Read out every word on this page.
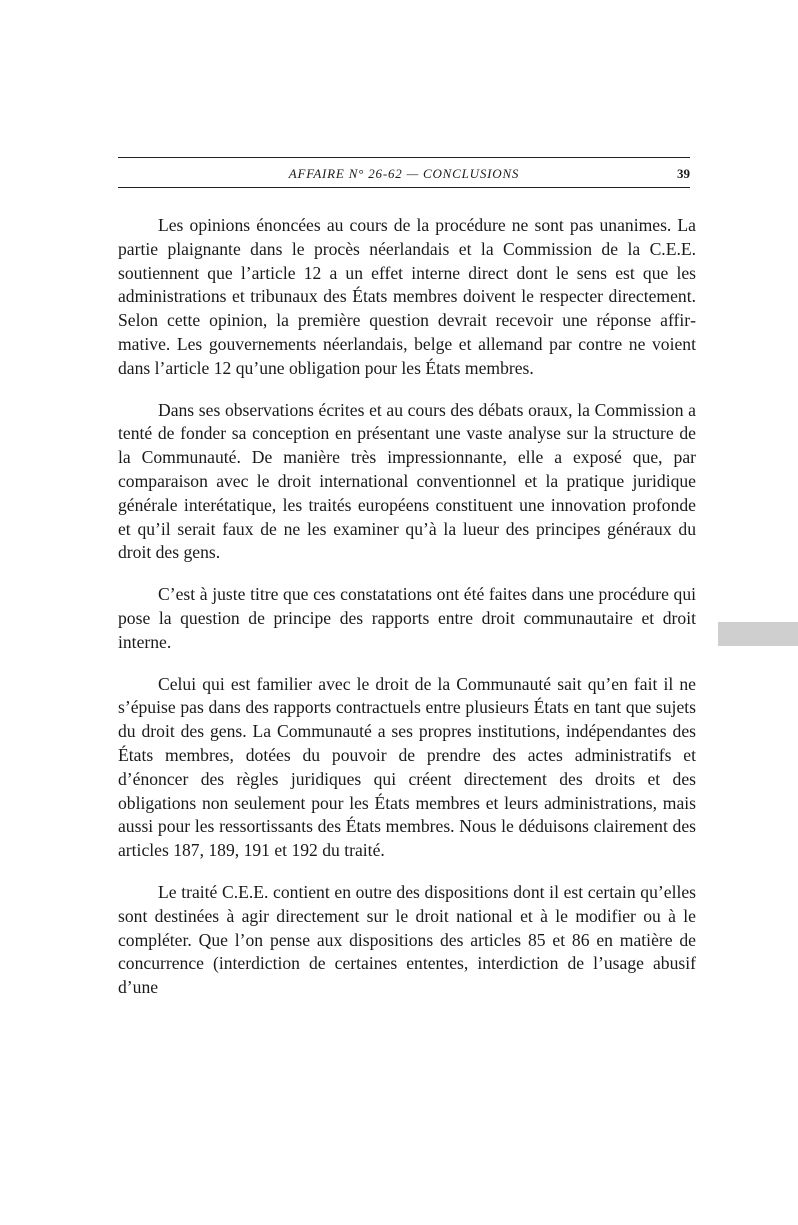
AFFAIRE N° 26-62 — CONCLUSIONS	39

Les opinions énoncées au cours de la procédure ne sont pas unanimes. La partie plaignante dans le procès néerlandais et la Commission de la C.E.E. soutiennent que l’article 12 a un effet interne direct dont le sens est que les administrations et tribunaux des États membres doivent le respecter directement. Selon cette opinion, la première question devrait recevoir une réponse affirmative. Les gouvernements néerlandais, belge et allemand par contre ne voient dans l’article 12 qu’une obligation pour les États membres.

Dans ses observations écrites et au cours des débats oraux, la Commission a tenté de fonder sa conception en présentant une vaste analyse sur la structure de la Communauté. De manière très impressionnante, elle a exposé que, par comparaison avec le droit international conventionnel et la pratique juridique générale interétatique, les traités européens constituent une innovation profonde et qu’il serait faux de ne les examiner qu’à la lueur des principes généraux du droit des gens.

C’est à juste titre que ces constatations ont été faites dans une procédure qui pose la question de principe des rapports entre droit communautaire et droit interne.

Celui qui est familier avec le droit de la Communauté sait qu’en fait il ne s’épuise pas dans des rapports contractuels entre plusieurs États en tant que sujets du droit des gens. La Communauté a ses propres institutions, indépendantes des États membres, dotées du pouvoir de prendre des actes administratifs et d’énoncer des règles juridiques qui créent directement des droits et des obligations non seulement pour les États membres et leurs administrations, mais aussi pour les ressortissants des États membres. Nous le déduisons clairement des articles 187, 189, 191 et 192 du traité.

Le traité C.E.E. contient en outre des dispositions dont il est certain qu’elles sont destinées à agir directement sur le droit national et à le modifier ou à le compléter. Que l’on pense aux dispositions des articles 85 et 86 en matière de concurrence (interdiction de certaines ententes, interdiction de l’usage abusif d’une
